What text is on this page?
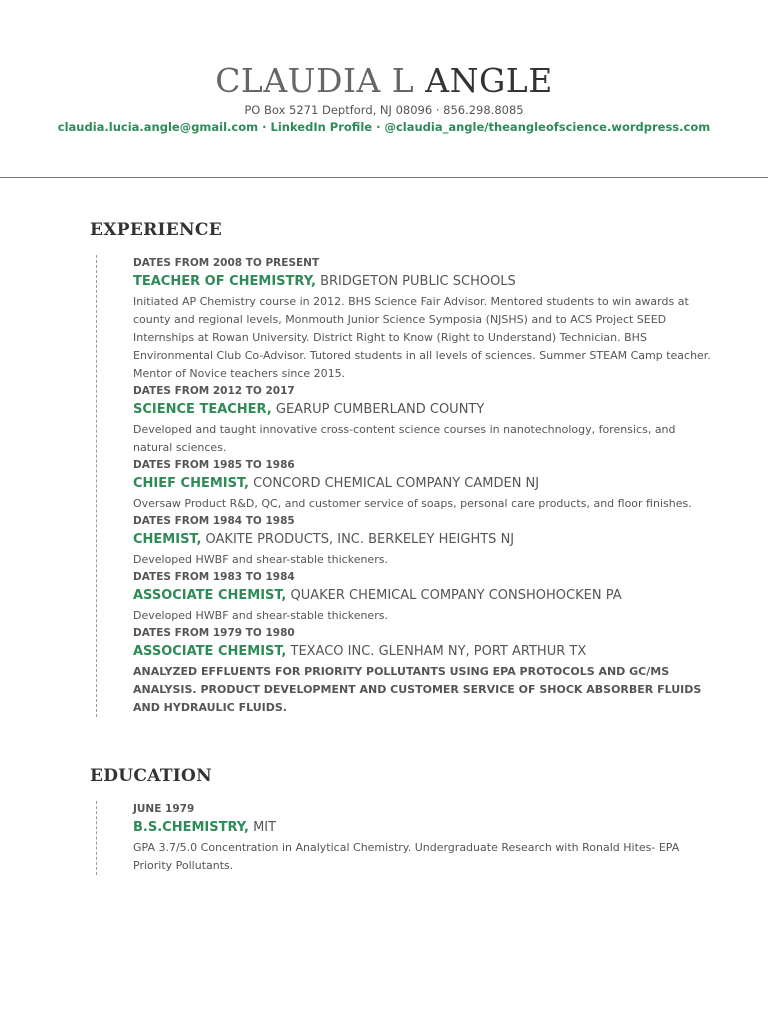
CLAUDIA L ANGLE
PO Box 5271 Deptford, NJ 08096 · 856.298.8085
claudia.lucia.angle@gmail.com · LinkedIn Profile · @claudia_angle/theangleofscience.wordpress.com
EXPERIENCE
DATES FROM 2008 TO PRESENT
TEACHER OF CHEMISTRY, BRIDGETON PUBLIC SCHOOLS
Initiated AP Chemistry course in 2012. BHS Science Fair Advisor. Mentored students to win awards at county and regional levels, Monmouth Junior Science Symposia (NJSHS) and to ACS Project SEED Internships at Rowan University. District Right to Know (Right to Understand) Technician. BHS Environmental Club Co-Advisor. Tutored students in all levels of sciences. Summer STEAM Camp teacher. Mentor of Novice teachers since 2015.
DATES FROM 2012 TO 2017
SCIENCE TEACHER, GEARUP CUMBERLAND COUNTY
Developed and taught innovative cross-content science courses in nanotechnology, forensics, and natural sciences.
DATES FROM 1985 TO 1986
CHIEF CHEMIST, CONCORD CHEMICAL COMPANY CAMDEN NJ
Oversaw Product R&D, QC, and customer service of soaps, personal care products, and floor finishes.
DATES FROM 1984 TO 1985
CHEMIST, OAKITE PRODUCTS, INC. BERKELEY HEIGHTS NJ
Developed HWBF and shear-stable thickeners.
DATES FROM 1983 TO 1984
ASSOCIATE CHEMIST, QUAKER CHEMICAL COMPANY CONSHOHOCKEN PA
Developed HWBF and shear-stable thickeners.
DATES FROM 1979 TO 1980
ASSOCIATE CHEMIST, TEXACO INC. GLENHAM NY, PORT ARTHUR TX
ANALYZED EFFLUENTS FOR PRIORITY POLLUTANTS USING EPA PROTOCOLS AND GC/MS ANALYSIS. PRODUCT DEVELOPMENT AND CUSTOMER SERVICE OF SHOCK ABSORBER FLUIDS AND HYDRAULIC FLUIDS.
EDUCATION
JUNE 1979
B.S.CHEMISTRY, MIT
GPA 3.7/5.0 Concentration in Analytical Chemistry. Undergraduate Research with Ronald Hites- EPA Priority Pollutants.
